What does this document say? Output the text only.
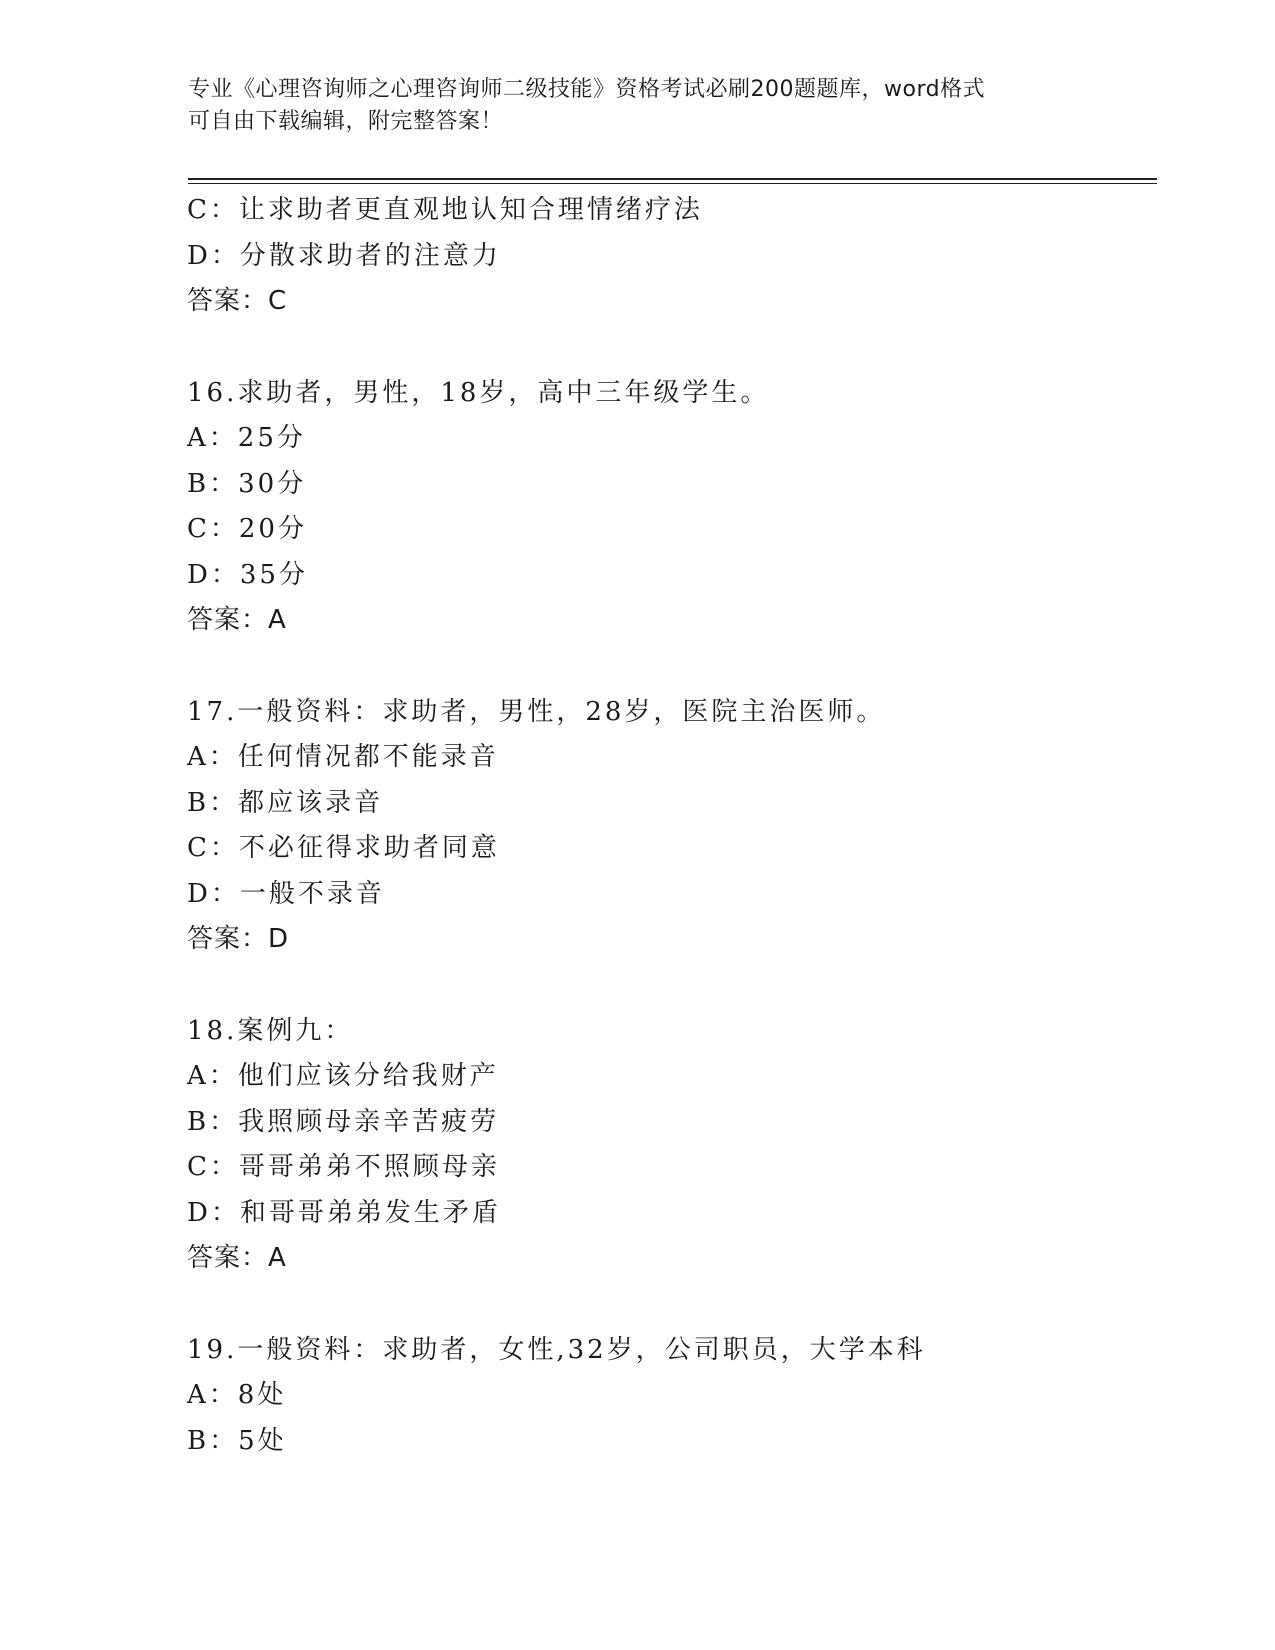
专业《心理咨询师之心理咨询师二级技能》资格考试必刷200题题库，word格式
可自由下载编辑，附完整答案！
C：让求助者更直观地认知合理情绪疗法
D：分散求助者的注意力
答案：C
16.求助者，男性，18岁，高中三年级学生。
A：25分
B：30分
C：20分
D：35分
答案：A
17.一般资料：求助者，男性，28岁，医院主治医师。
A：任何情况都不能录音
B：都应该录音
C：不必征得求助者同意
D：一般不录音
答案：D
18.案例九：
A：他们应该分给我财产
B：我照顾母亲辛苦疲劳
C：哥哥弟弟不照顾母亲
D：和哥哥弟弟发生矛盾
答案：A
19.一般资料：求助者，女性,32岁，公司职员，大学本科
A：8处
B：5处
